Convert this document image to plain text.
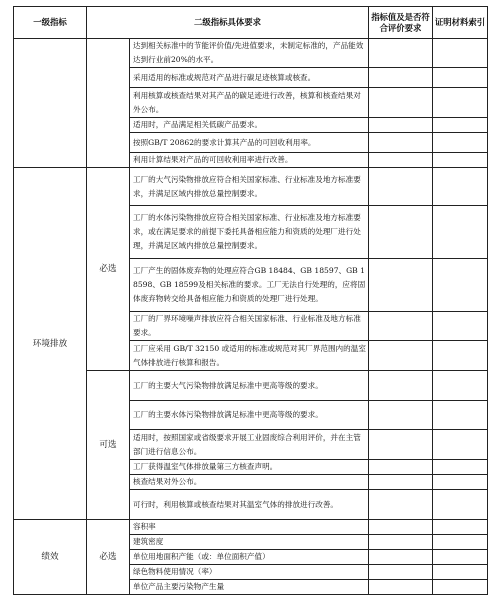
一级指标	二级指标具体要求		指标值及是否符合评价要求	证明材料索引
		达到相关标准中的节能评价值/先进值要求，未制定标准的，产品能效达到行业前20%的水平。		
		采用适用的标准或规范对产品进行碳足迹核算或核查。		
		利用核算或核查结果对其产品的碳足迹进行改善，核算和核查结果对外公布。		
		适用时，产品满足相关低碳产品要求。		
		按照GB/T 20862的要求计算其产品的可回收利用率。		
		利用计算结果对产品的可回收利用率进行改善。		
环境排放	必选	工厂的大气污染物排放应符合相关国家标准、行业标准及地方标准要求，并满足区域内排放总量控制要求。		
		工厂的水体污染物排放应符合相关国家标准、行业标准及地方标准要求，或在满足要求的前提下委托具备相应能力和资质的处理厂进行处理，并满足区域内排放总量控制要求。		
		工厂产生的固体废弃物的处理应符合GB 18484、GB 18597、GB 18598、GB 18599及相关标准的要求。工厂无法自行处理的，应将固体废弃物转交给具备相应能力和资质的处理厂进行处理。		
		工厂的厂界环境噪声排放应符合相关国家标准、行业标准及地方标准要求。		
		工厂应采用 GB/T 32150 或适用的标准或规范对其厂界范围内的温室气体排放进行核算和报告。		
	可选	工厂的主要大气污染物排放满足标准中更高等级的要求。		
		工厂的主要水体污染物排放满足标准中更高等级的要求。		
		适用时，按照国家或省级要求开展工业固废综合利用评价，并在主管部门进行信息公布。		
		工厂获得温室气体排放量第三方核查声明。		
		核查结果对外公布。		
		可行时，利用核算或核查结果对其温室气体的排放进行改善。		
绩效	必选	容积率		
		建筑密度		
		单位用地面积产能（或：单位面积产值）		
		绿色物料使用情况（率）		
		单位产品主要污染物产生量		
